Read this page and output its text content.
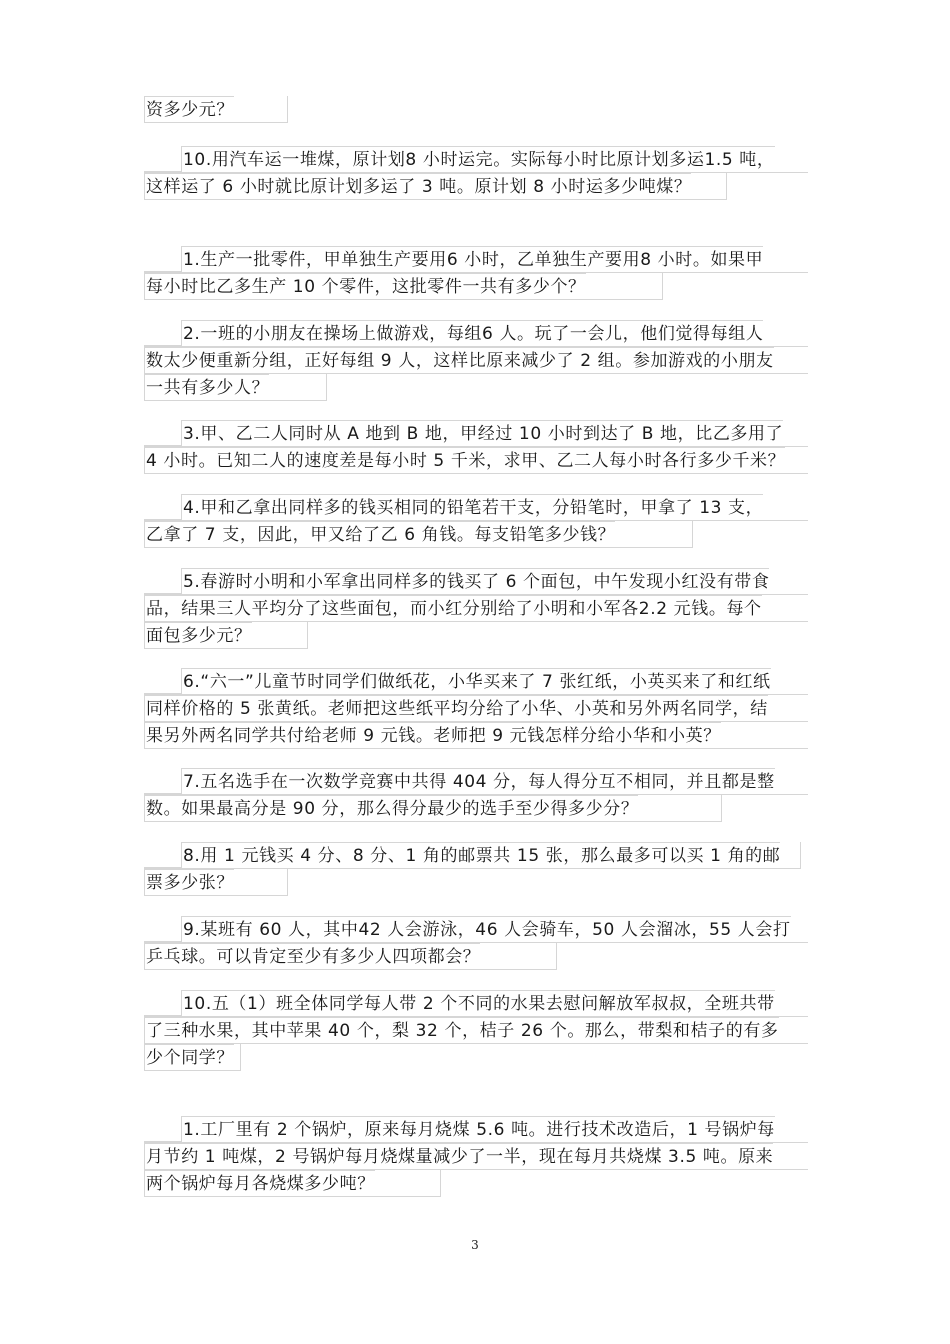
资多少元？
10.用汽车运一堆煤，原计划8 小时运完。实际每小时比原计划多运1.5 吨，
这样运了 6 小时就比原计划多运了 3 吨。原计划 8 小时运多少吨煤？
1.生产一批零件，甲单独生产要用6 小时，乙单独生产要用8 小时。如果甲
每小时比乙多生产 10 个零件，这批零件一共有多少个？
2.一班的小朋友在操场上做游戏，每组6 人。玩了一会儿，他们觉得每组人
数太少便重新分组，正好每组 9 人，这样比原来减少了 2 组。参加游戏的小朋友
一共有多少人？
3.甲、乙二人同时从 A 地到 B 地，甲经过 10 小时到达了 B 地，比乙多用了
4 小时。已知二人的速度差是每小时 5 千米，求甲、乙二人每小时各行多少千米？
4.甲和乙拿出同样多的钱买相同的铅笔若干支，分铅笔时，甲拿了 13 支，
乙拿了 7 支，因此，甲又给了乙 6 角钱。每支铅笔多少钱？
5.春游时小明和小军拿出同样多的钱买了 6 个面包，中午发现小红没有带食
品，结果三人平均分了这些面包，而小红分别给了小明和小军各2.2 元钱。每个
面包多少元？
6.“六一”儿童节时同学们做纸花，小华买来了 7 张红纸，小英买来了和红纸
同样价格的 5 张黄纸。老师把这些纸平均分给了小华、小英和另外两名同学，结
果另外两名同学共付给老师 9 元钱。老师把 9 元钱怎样分给小华和小英？
7.五名选手在一次数学竞赛中共得 404 分，每人得分互不相同，并且都是整
数。如果最高分是 90 分，那么得分最少的选手至少得多少分？
8.用 1 元钱买 4 分、8 分、1 角的邮票共 15 张，那么最多可以买 1 角的邮
票多少张？
9.某班有 60 人，其中42 人会游泳，46 人会骑车，50 人会溜冰，55 人会打
乒乓球。可以肯定至少有多少人四项都会？
10.五（1）班全体同学每人带 2 个不同的水果去慰问解放军叔叔，全班共带
了三种水果，其中苹果 40 个，梨 32 个，桔子 26 个。那么，带梨和桔子的有多
少个同学？
1.工厂里有 2 个锅炉，原来每月烧煤 5.6 吨。进行技术改造后，1 号锅炉每
月节约 1 吨煤，2 号锅炉每月烧煤量减少了一半，现在每月共烧煤 3.5 吨。原来
两个锅炉每月各烧煤多少吨？
3
